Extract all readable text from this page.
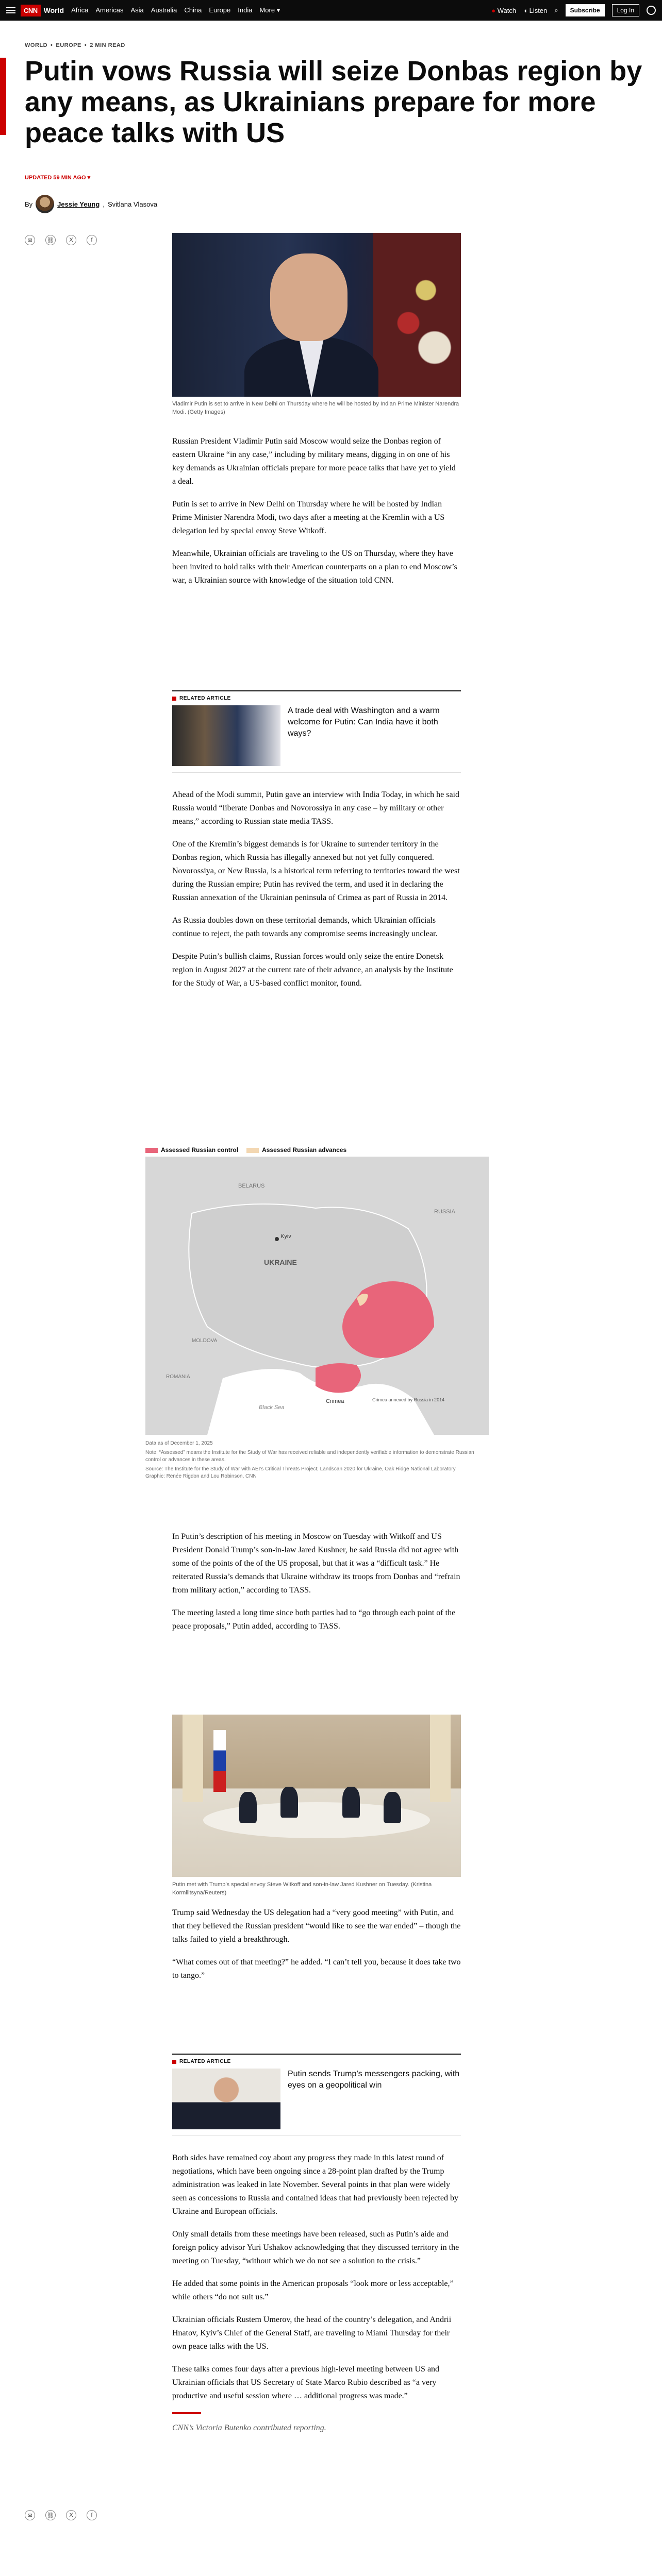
CNN World Africa Americas Asia Australia China Europe India More ▾	● Watch ◖ Listen ⌕	Subscribe	Log In
WORLD • EUROPE • 2 MIN READ
Putin vows Russia will seize Donbas region by any means, as Ukrainians prepare for more peace talks with US
UPDATED 59 MIN AGO ▾
By	Jessie Yeung , Svitlana Vlasova
✉	⛓	X	f
Vladimir Putin is set to arrive in New Delhi on Thursday where he will be hosted by Indian Prime Minister Narendra Modi. (Getty Images)

Russian President Vladimir Putin said Moscow would seize the Donbas region of eastern Ukraine “in any case,” including by military means, digging in on one of his key demands as Ukrainian officials prepare for more peace talks that have yet to yield a deal.

Putin is set to arrive in New Delhi on Thursday where he will be hosted by Indian Prime Minister Narendra Modi, two days after a meeting at the Kremlin with a US delegation led by special envoy Steve Witkoff.

Meanwhile, Ukrainian officials are traveling to the US on Thursday, where they have been invited to hold talks with their American counterparts on a plan to end Moscow’s war, a Ukrainian source with knowledge of the situation told CNN.

RELATED ARTICLE
A trade deal with Washington and a warm welcome for Putin: Can India have it both ways?

Ahead of the Modi summit, Putin gave an interview with India Today, in which he said Russia would “liberate Donbas and Novorossiya in any case – by military or other means,” according to Russian state media TASS.

One of the Kremlin’s biggest demands is for Ukraine to surrender territory in the Donbas region, which Russia has illegally annexed but not yet fully conquered. Novorossiya, or New Russia, is a historical term referring to territories toward the west during the Russian empire; Putin has revived the term, and used it in declaring the Russian annexation of the Ukrainian peninsula of Crimea as part of Russia in 2014.

As Russia doubles down on these territorial demands, which Ukrainian officials continue to reject, the path towards any compromise seems increasingly unclear.

Despite Putin’s bullish claims, Russian forces would only seize the entire Donetsk region in August 2027 at the current rate of their advance, an analysis by the Institute for the Study of War, a US-based conflict monitor, found.

Assessed Russian control	Assessed Russian advances
BELARUS
UKRAINE
RUSSIA
Kyiv
Crimea	Crimea annexed by Russia in 2014
Black Sea
MOLDOVA
ROMANIA
Data as of December 1, 2025
Note: “Assessed” means the Institute for the Study of War has received reliable and independently verifiable information to demonstrate Russian control or advances in these areas.
Source: The Institute for the Study of War with AEI’s Critical Threats Project; Landscan 2020 for Ukraine, Oak Ridge National Laboratory
Graphic: Renée Rigdon and Lou Robinson, CNN

In Putin’s description of his meeting in Moscow on Tuesday with Witkoff and US President Donald Trump’s son-in-law Jared Kushner, he said Russia did not agree with some of the points of the of the US proposal, but that it was a “difficult task.” He reiterated Russia’s demands that Ukraine withdraw its troops from Donbas and “refrain from military action,” according to TASS.

The meeting lasted a long time since both parties had to “go through each point of the peace proposals,” Putin added, according to TASS.

Putin met with Trump’s special envoy Steve Witkoff and son-in-law Jared Kushner on Tuesday. (Kristina Kormilitsyna/Reuters)

Trump said Wednesday the US delegation had a “very good meeting” with Putin, and that they believed the Russian president “would like to see the war ended” – though the talks failed to yield a breakthrough.

“What comes out of that meeting?” he added. “I can’t tell you, because it does take two to tango.”

RELATED ARTICLE
Putin sends Trump’s messengers packing, with eyes on a geopolitical win

Both sides have remained coy about any progress they made in this latest round of negotiations, which have been ongoing since a 28-point plan drafted by the Trump administration was leaked in late November. Several points in that plan were widely seen as concessions to Russia and contained ideas that had previously been rejected by Ukraine and European officials.

Only small details from these meetings have been released, such as Putin’s aide and foreign policy advisor Yuri Ushakov acknowledging that they discussed territory in the meeting on Tuesday, “without which we do not see a solution to the crisis.”

He added that some points in the American proposals “look more or less acceptable,” while others “do not suit us.”

Ukrainian officials Rustem Umerov, the head of the country’s delegation, and Andrii Hnatov, Kyiv’s Chief of the General Staff, are traveling to Miami Thursday for their own peace talks with the US.

These talks comes four days after a previous high-level meeting between US and Ukrainian officials that US Secretary of State Marco Rubio described as “a very productive and useful session where … additional progress was made.”

CNN’s Victoria Butenko contributed reporting.

✉	⛓	X	f
